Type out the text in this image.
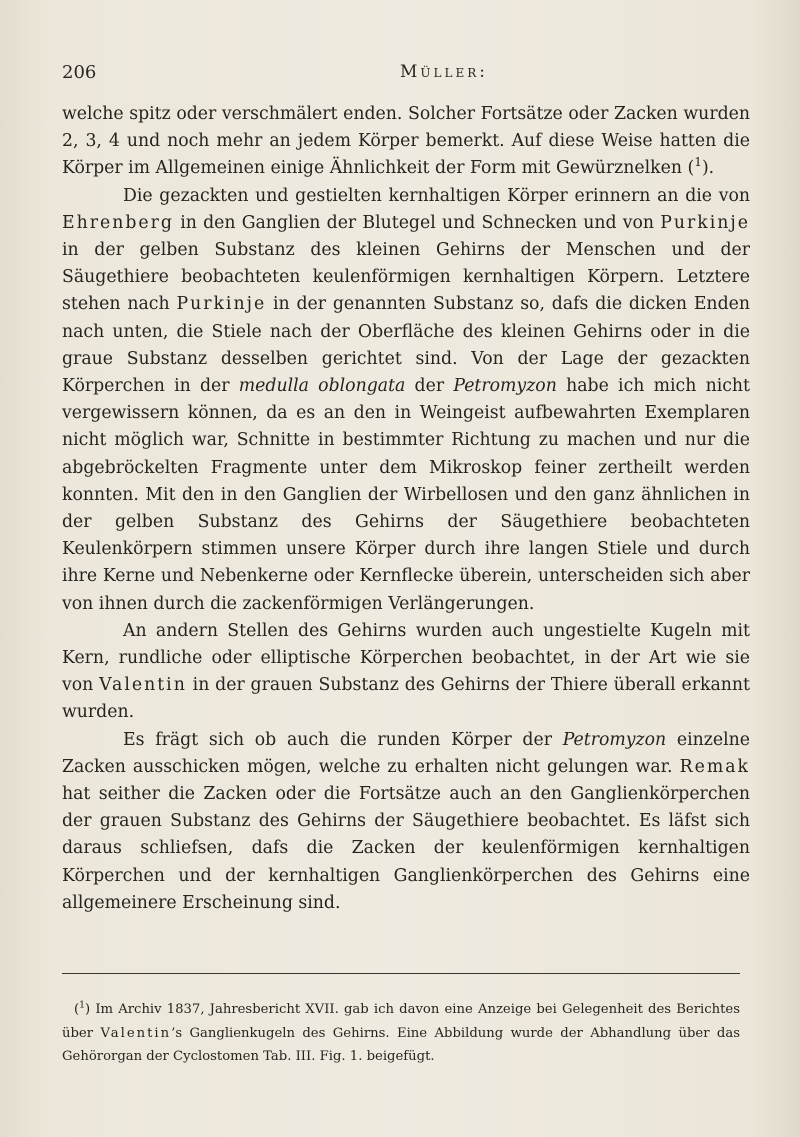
206	Müller:

welche spitz oder verschmälert enden. Solcher Fortsätze oder Zacken wurden 2, 3, 4 und noch mehr an jedem Körper bemerkt. Auf diese Weise hatten die Körper im Allgemeinen einige Ähnlichkeit der Form mit Gewürznelken ($^1$).

Die gezackten und gestielten kernhaltigen Körper erinnern an die von Ehrenberg in den Ganglien der Blutegel und Schnecken und von Purkinje in der gelben Substanz des kleinen Gehirns der Menschen und der Säugethiere beobachteten keulenförmigen kernhaltigen Körpern. Letztere stehen nach Purkinje in der genannten Substanz so, dafs die dicken Enden nach unten, die Stiele nach der Oberfläche des kleinen Gehirns oder in die graue Substanz desselben gerichtet sind. Von der Lage der gezackten Körperchen in der medulla oblongata der Petromyzon habe ich mich nicht vergewissern können, da es an den in Weingeist aufbewahrten Exemplaren nicht möglich war, Schnitte in bestimmter Richtung zu machen und nur die abgebröckelten Fragmente unter dem Mikroskop feiner zertheilt werden konnten. Mit den in den Ganglien der Wirbellosen und den ganz ähnlichen in der gelben Substanz des Gehirns der Säugethiere beobachteten Keulenkörpern stimmen unsere Körper durch ihre langen Stiele und durch ihre Kerne und Nebenkerne oder Kernflecke überein, unterscheiden sich aber von ihnen durch die zackenförmigen Verlängerungen.

An andern Stellen des Gehirns wurden auch ungestielte Kugeln mit Kern, rundliche oder elliptische Körperchen beobachtet, in der Art wie sie von Valentin in der grauen Substanz des Gehirns der Thiere überall erkannt wurden.

Es frägt sich ob auch die runden Körper der Petromyzon einzelne Zacken ausschicken mögen, welche zu erhalten nicht gelungen war. Remak hat seither die Zacken oder die Fortsätze auch an den Ganglienkörperchen der grauen Substanz des Gehirns der Säugethiere beobachtet. Es läfst sich daraus schliefsen, dafs die Zacken der keulenförmigen kernhaltigen Körperchen und der kernhaltigen Ganglienkörperchen des Gehirns eine allgemeinere Erscheinung sind.

($^1$) Im Archiv 1837, Jahresbericht XVII. gab ich davon eine Anzeige bei Gelegenheit des Berichtes über Valentin’s Ganglienkugeln des Gehirns. Eine Abbildung wurde der Abhandlung über das Gehörorgan der Cyclostomen Tab. III. Fig. 1. beigefügt.
